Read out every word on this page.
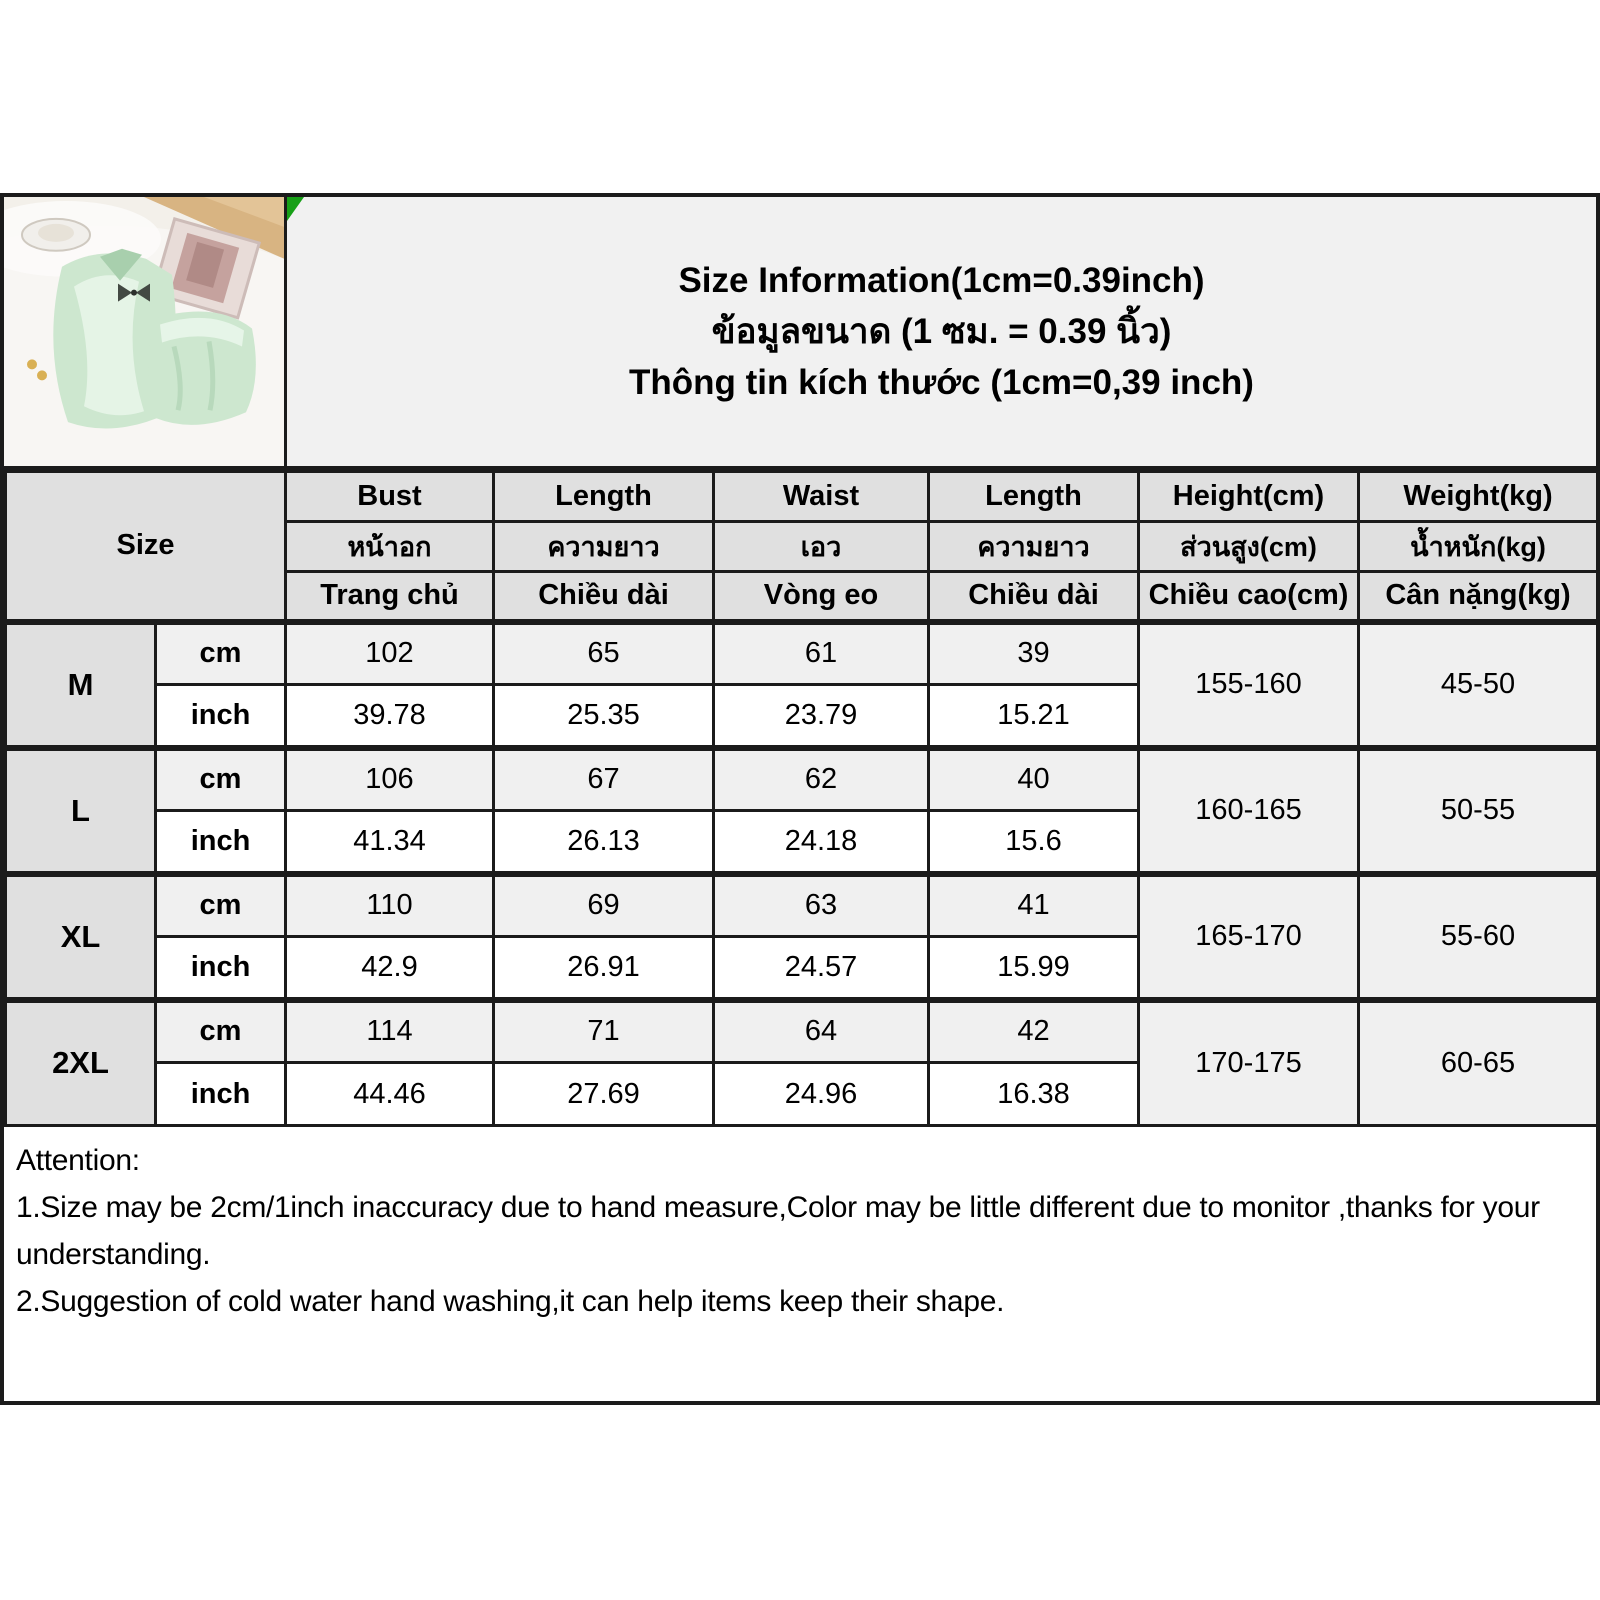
Size Information(1cm=0.39inch)
ข้อมูลขนาด (1 ซม. = 0.39 นิ้ว)
Thông tin kích thước (1cm=0,39 inch)
Size		Bust	Length	Waist	Length	Height(cm)	Weight(kg)
		หน้าอก	ความยาว	เอว	ความยาว	ส่วนสูง(cm)	น้ำหนัก(kg)
		Trang chủ	Chiều dài	Vòng eo	Chiều dài	Chiều cao(cm)	Cân nặng(kg)
M	cm	102	65	61	39	155-160	45-50
	inch	39.78	25.35	23.79	15.21		
L	cm	106	67	62	40	160-165	50-55
	inch	41.34	26.13	24.18	15.6		
XL	cm	110	69	63	41	165-170	55-60
	inch	42.9	26.91	24.57	15.99		
2XL	cm	114	71	64	42	170-175	60-65
	inch	44.46	27.69	24.96	16.38		

Attention:

1.Size may be 2cm/1inch inaccuracy due to hand measure,Color may be little different due to monitor ,thanks for your understanding.

2.Suggestion of cold water hand washing,it can help items keep their shape.
